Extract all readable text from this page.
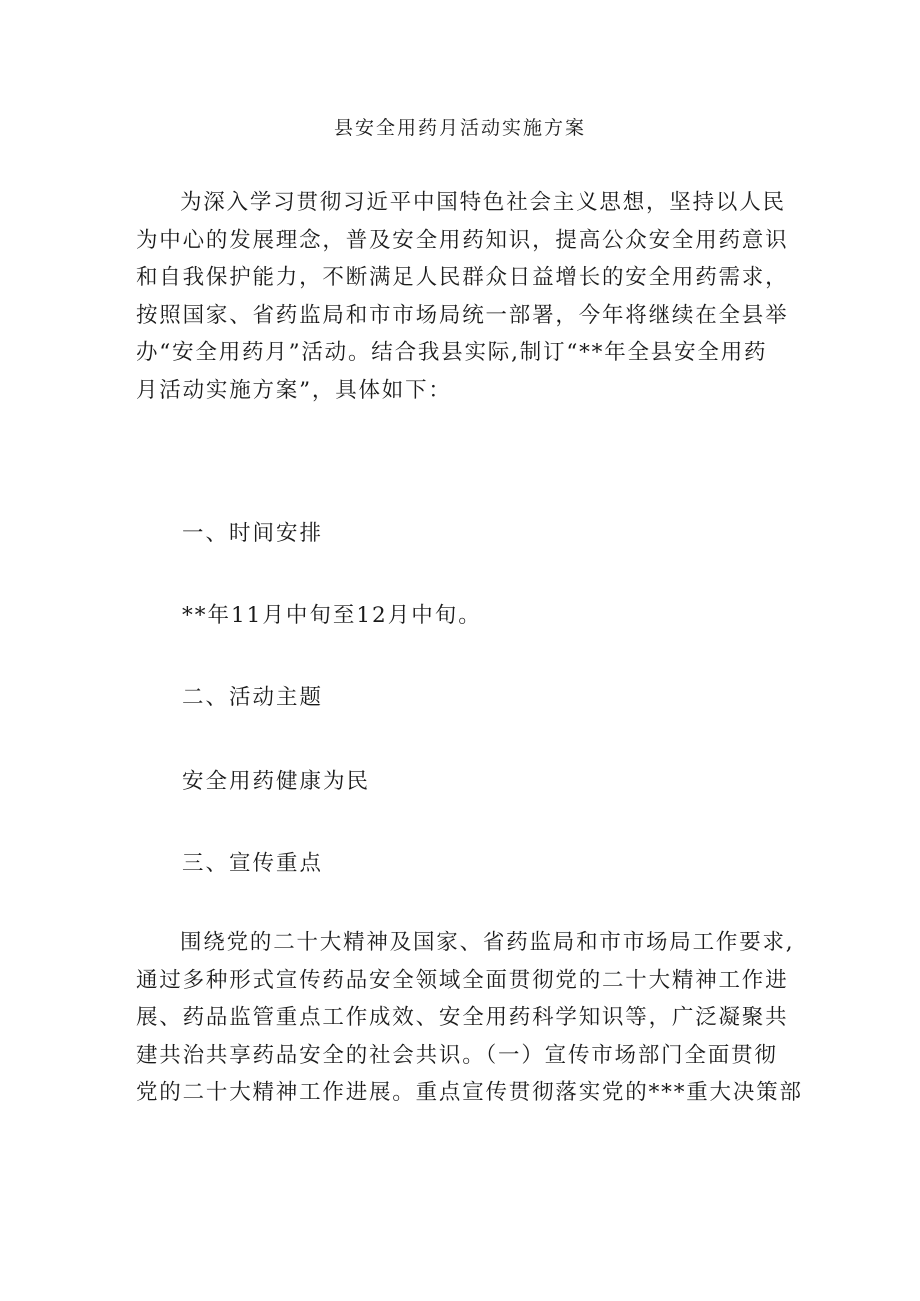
县安全用药月活动实施方案
为深入学习贯彻习近平中国特色社会主义思想，坚持以人民
为中心的发展理念，普及安全用药知识，提高公众安全用药意识
和自我保护能力，不断满足人民群众日益增长的安全用药需求，
按照国家、省药监局和市市场局统一部署，今年将继续在全县举
办“安全用药月”活动。结合我县实际,制订“**年全县安全用药
月活动实施方案”，具体如下：
一、时间安排
**年11月中旬至12月中旬。
二、活动主题
安全用药健康为民
三、宣传重点
围绕党的二十大精神及国家、省药监局和市市场局工作要求,
通过多种形式宣传药品安全领域全面贯彻党的二十大精神工作进
展、药品监管重点工作成效、安全用药科学知识等，广泛凝聚共
建共治共享药品安全的社会共识。（一）宣传市场部门全面贯彻
党的二十大精神工作进展。重点宣传贯彻落实党的***重大决策部
